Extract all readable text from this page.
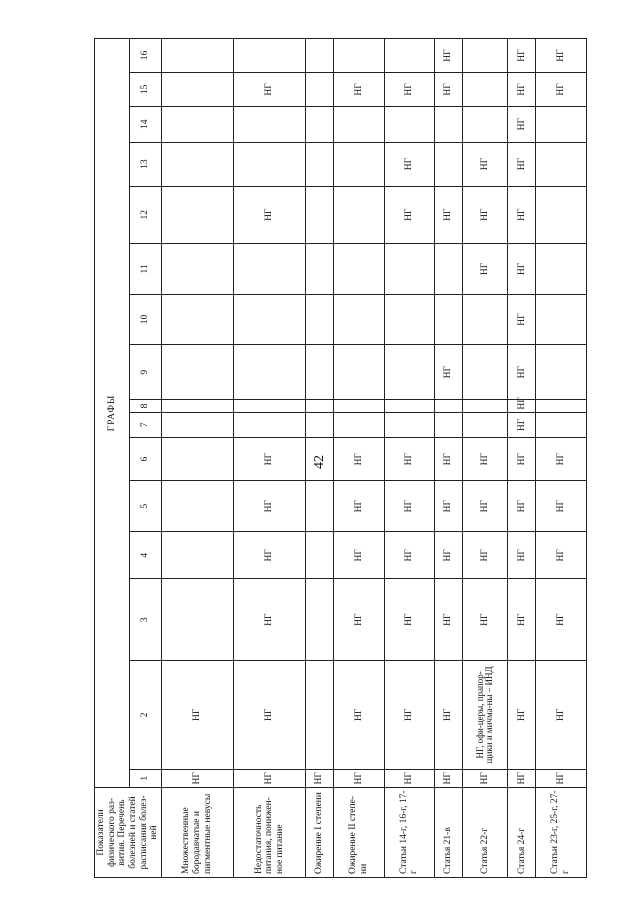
42
Показатели физического раз-вития. Перечень болезней и статей расписания болез-ней	ГРАФЫ															
	1	2	3	4	5	6	7	8	9	10	11	12	13	14	15	16
Множественные бородавчатые и пигментные невусы	НГ	НГ														
Недостаточность питания, понижен-ное питание	НГ	НГ	НГ	НГ	НГ	НГ						НГ			НГ	
Ожирение I степени	НГ															
Ожирение II степе-ни	НГ	НГ	НГ	НГ	НГ	НГ									НГ	
Статьи 14-г, 16-г, 17-г	НГ	НГ	НГ	НГ	НГ	НГ						НГ	НГ		НГ	
Статья 21-в	НГ	НГ	НГ	НГ	НГ	НГ			НГ			НГ			НГ	НГ
Статья 22-г	НГ	НГ, офи-церы, прапор-щики и мичма-ны – ИНД	НГ	НГ	НГ	НГ					НГ	НГ	НГ			
Статья 24-г	НГ	НГ	НГ	НГ	НГ	НГ	НГ	НГ	НГ	НГ	НГ	НГ	НГ	НГ	НГ	НГ
Статьи 23-г, 25-г, 27-г	НГ	НГ	НГ	НГ	НГ	НГ									НГ	НГ
